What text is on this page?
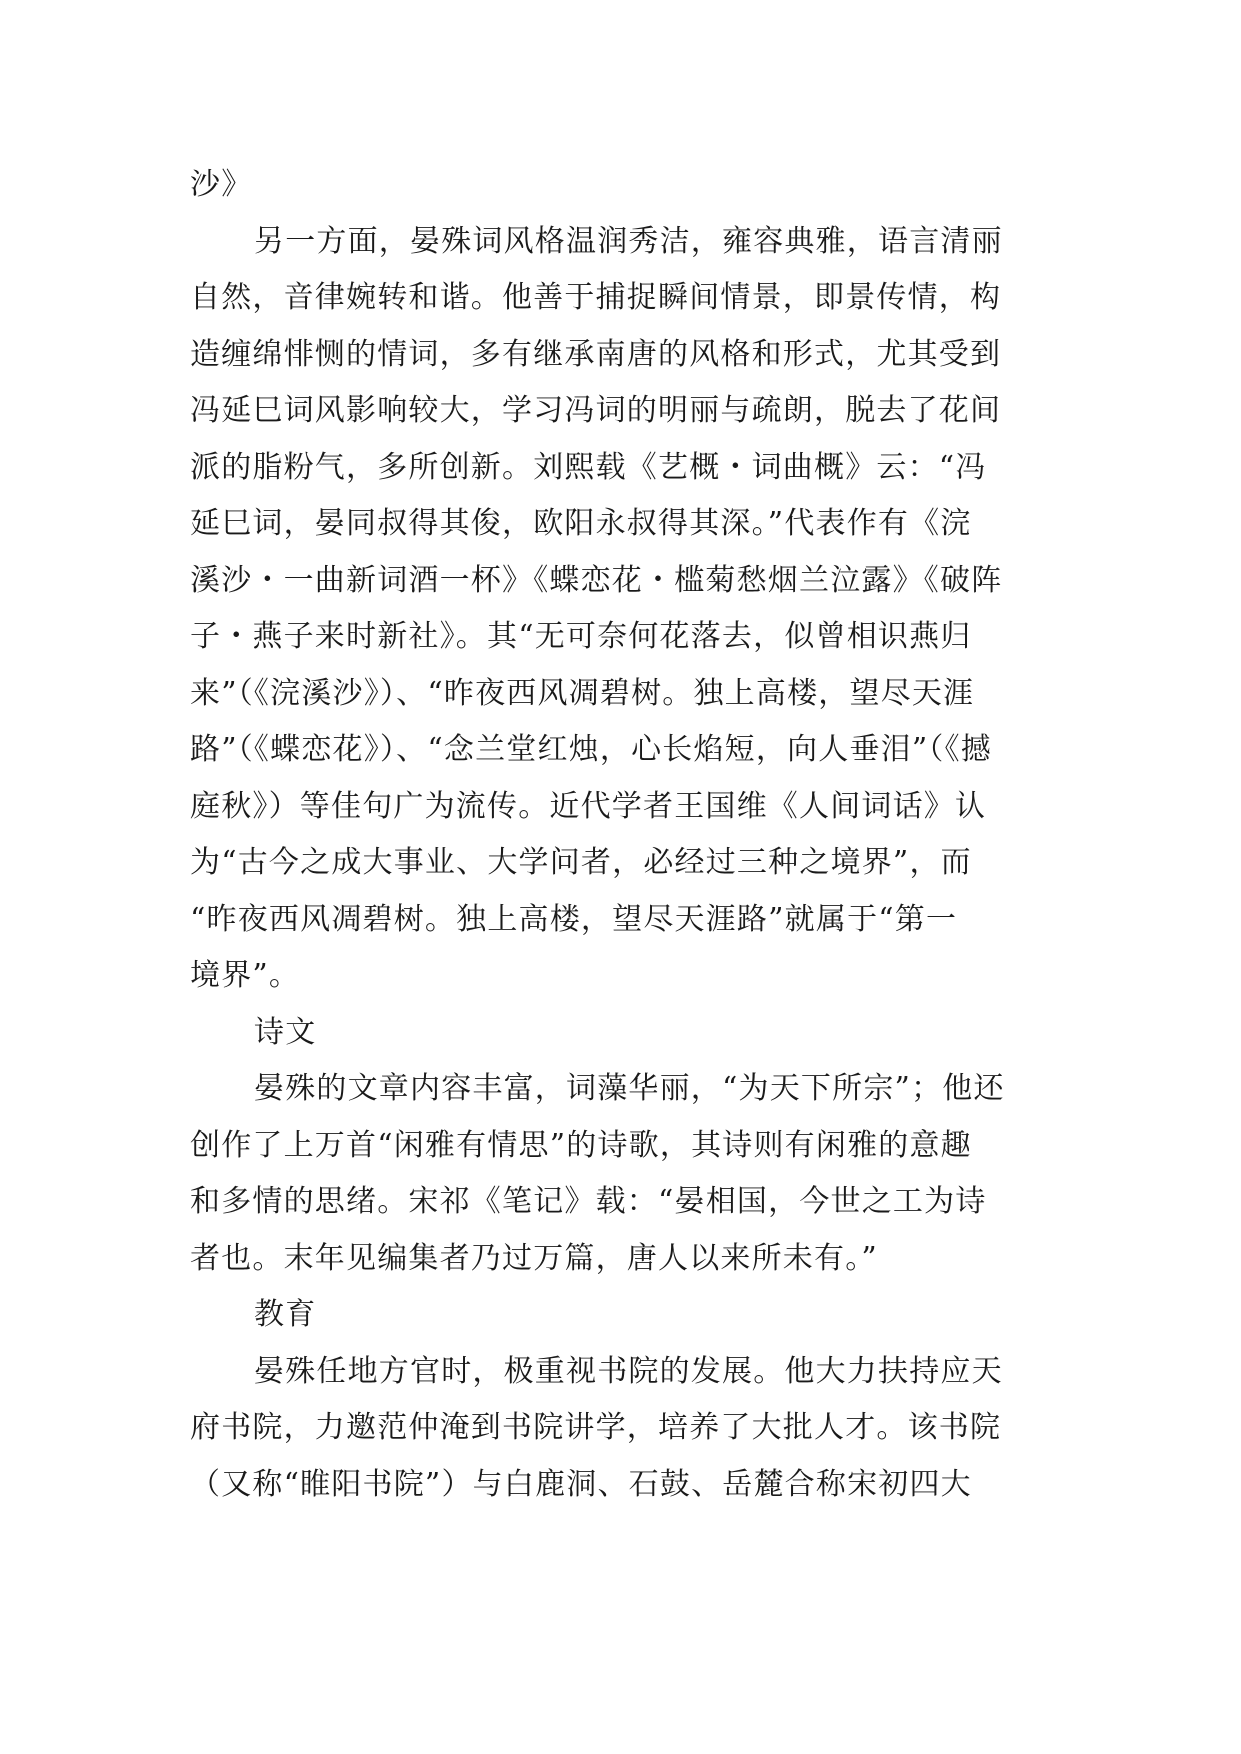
沙》
另一方面，晏殊词风格温润秀洁，雍容典雅，语言清丽
自然，音律婉转和谐。他善于捕捉瞬间情景，即景传情，构
造缠绵悱恻的情词，多有继承南唐的风格和形式，尤其受到
冯延巳词风影响较大，学习冯词的明丽与疏朗，脱去了花间
派的脂粉气，多所创新。刘熙载《艺概・词曲概》云：“冯
延巳词，晏同叔得其俊，欧阳永叔得其深。”代表作有《浣
溪沙・一曲新词酒一杯》《蝶恋花・槛菊愁烟兰泣露》《破阵
子・燕子来时新社》。其“无可奈何花落去，似曾相识燕归
来”（《浣溪沙》）、“昨夜西风凋碧树。独上高楼，望尽天涯
路”（《蝶恋花》）、“念兰堂红烛，心长焰短，向人垂泪”（《撼
庭秋》）等佳句广为流传。近代学者王国维《人间词话》认
为“古今之成大事业、大学问者，必经过三种之境界”，而
“昨夜西风凋碧树。独上高楼，望尽天涯路”就属于“第一
境界”。
诗文
晏殊的文章内容丰富，词藻华丽，“为天下所宗”；他还
创作了上万首“闲雅有情思”的诗歌，其诗则有闲雅的意趣
和多情的思绪。宋祁《笔记》载：“晏相国，今世之工为诗
者也。末年见编集者乃过万篇，唐人以来所未有。”
教育
晏殊任地方官时，极重视书院的发展。他大力扶持应天
府书院，力邀范仲淹到书院讲学，培养了大批人才。该书院
（又称“睢阳书院”）与白鹿洞、石鼓、岳麓合称宋初四大
